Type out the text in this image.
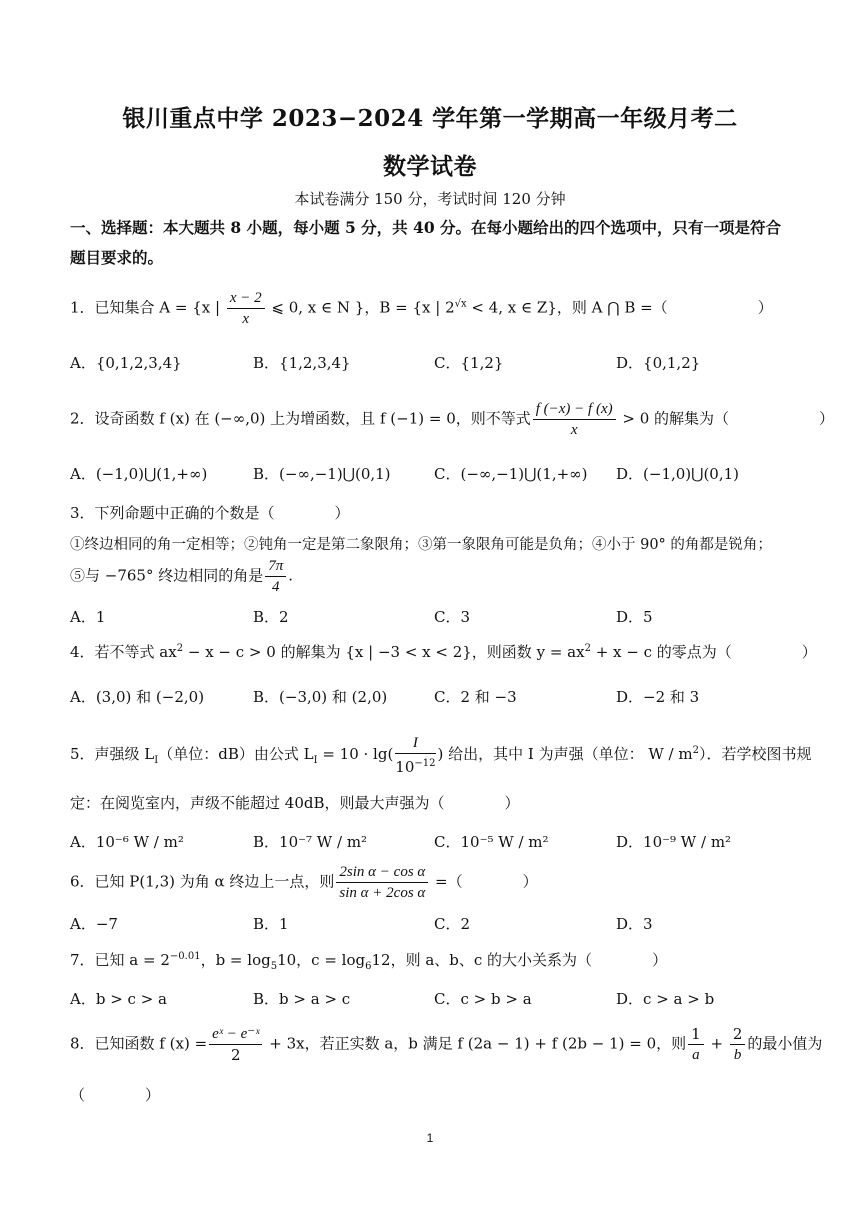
银川重点中学 2023−2024 学年第一学期高一年级月考二
数学试卷
本试卷满分 150 分，考试时间 120 分钟
一、选择题：本大题共 8 小题，每小题 5 分，共 40 分。在每小题给出的四个选项中，只有一项是符合题目要求的。
1．已知集合 A = {x | $\frac{x - 2}{x}$ ⩽ 0, x ∈ N }，B = {x | $2^{√x} < 4$, x ∈ Z}，则 A ⋂ B =（	）
A．{0,1,2,3,4}	B．{1,2,3,4}	C．{1,2}	D．{0,1,2}
2．设奇函数 f (x) 在 (−∞,0) 上为增函数，且 f (−1) = 0，则不等式 $\frac{f (-x) - f (x)}{x} > 0$ 的解集为（	）
A．(−1,0)⋃(1,+∞)	B．(−∞,−1)⋃(0,1)	C．(−∞,−1)⋃(1,+∞) D．(−1,0)⋃(0,1)
3．下列命题中正确的个数是（	）
①终边相同的角一定相等；②钝角一定是第二象限角；③第一象限角可能是负角；④小于 90° 的角都是锐角；
⑤与 −765° 终边相同的角是 $\frac{7\pi}{4}$ .
A．1	B．2	C．3	D．5
4．若不等式 $ax^2 - x - c > 0$ 的解集为 {x | −3 < x < 2}，则函数 $y = ax^2 + x - c$ 的零点为（	）
A．(3,0) 和 (−2,0)	B．(−3,0) 和 (2,0)	C．2 和 −3	D．−2 和 3
5．声强级 $L_I$（单位：dB）由公式 $L_I = 10 \cdot \lg( \frac{I}{10^{-12}}$ ) 给出，其中 I 为声强（单位： W / $m^2$）．若学校图书规
定：在阅览室内，声级不能超过 40dB，则最大声强为（	）
A．10⁻⁶ W / m²	B．10⁻⁷ W / m²	C．10⁻⁵ W / m²	D．10⁻⁹ W / m²
6．已知 P(1,3) 为角 α 终边上一点，则 $\frac{\text{2sin α − cos α}}{\text{sin α + 2cos α}}$ =（	）
A．−7	B．1	C．2	D．3
7．已知 $a = 2^{-0.01}$，$b = \log_510$，$c = \log_612$，则 a、b、c 的大小关系为（	）
A．b > c > a	B．b > a > c	C．c > b > a	D．c > a > b
8．已知函数 f $(x) = \frac{\text{eˣ − e⁻ˣ}}{2} + 3x$，若正实数 a，b 满足 f (2a − 1) + f (2b − 1) = 0，则 $\frac{1}{a} + \frac{2}{b}$ 的最小值为
（	）
1
